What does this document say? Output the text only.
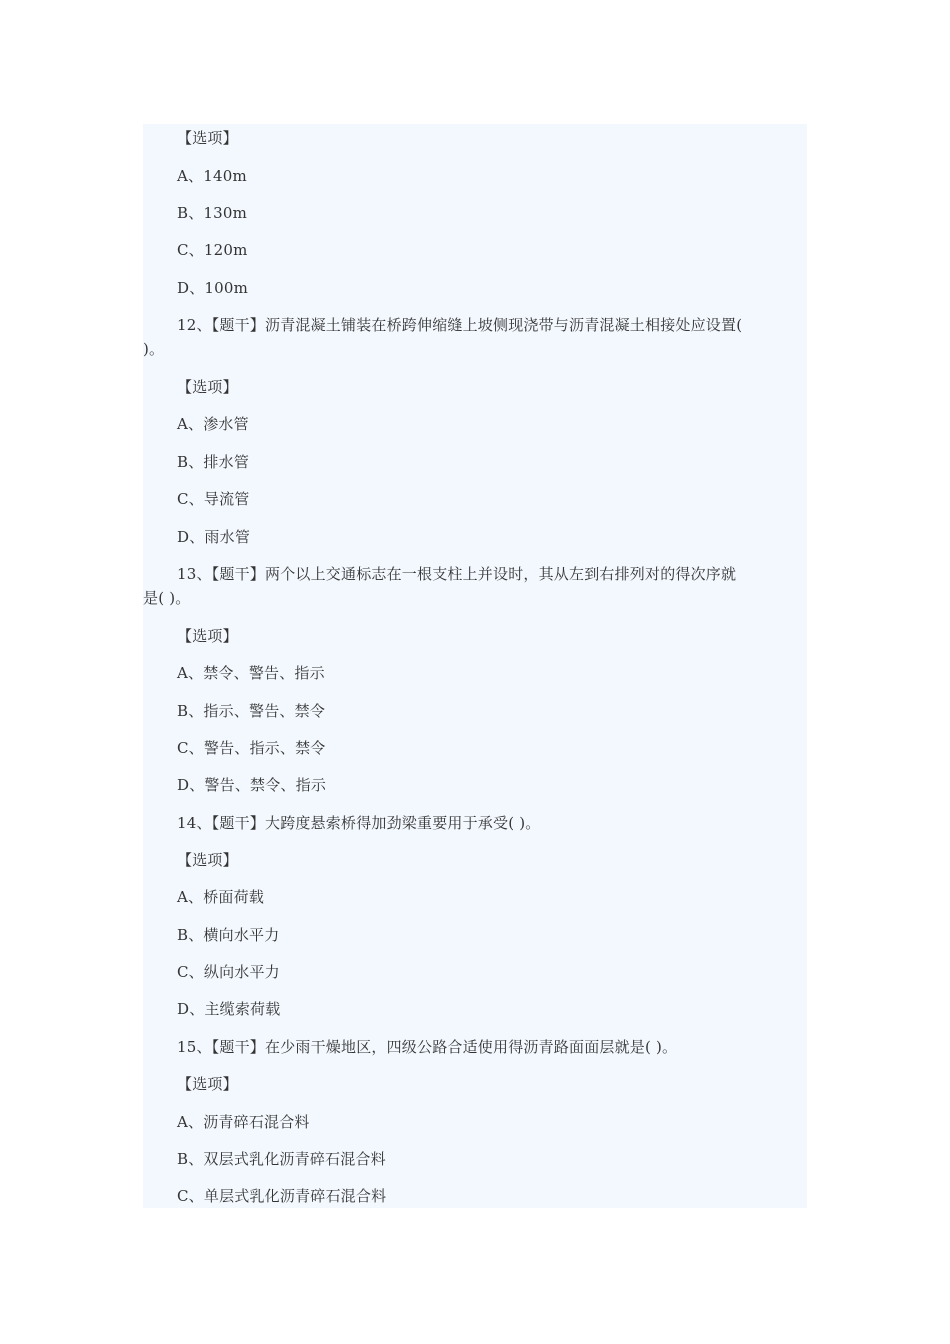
【选项】
A、140m
B、130m
C、120m
D、100m
12、【题干】沥青混凝土铺装在桥跨伸缩缝上坡侧现浇带与沥青混凝土相接处应设置(
)。
【选项】
A、渗水管
B、排水管
C、导流管
D、雨水管
13、【题干】两个以上交通标志在一根支柱上并设时，其从左到右排列对的得次序就
是( )。
【选项】
A、禁令、警告、指示
B、指示、警告、禁令
C、警告、指示、禁令
D、警告、禁令、指示
14、【题干】大跨度悬索桥得加劲梁重要用于承受( )。
【选项】
A、桥面荷载
B、横向水平力
C、纵向水平力
D、主缆索荷载
15、【题干】在少雨干燥地区，四级公路合适使用得沥青路面面层就是( )。
【选项】
A、沥青碎石混合料
B、双层式乳化沥青碎石混合料
C、单层式乳化沥青碎石混合料
